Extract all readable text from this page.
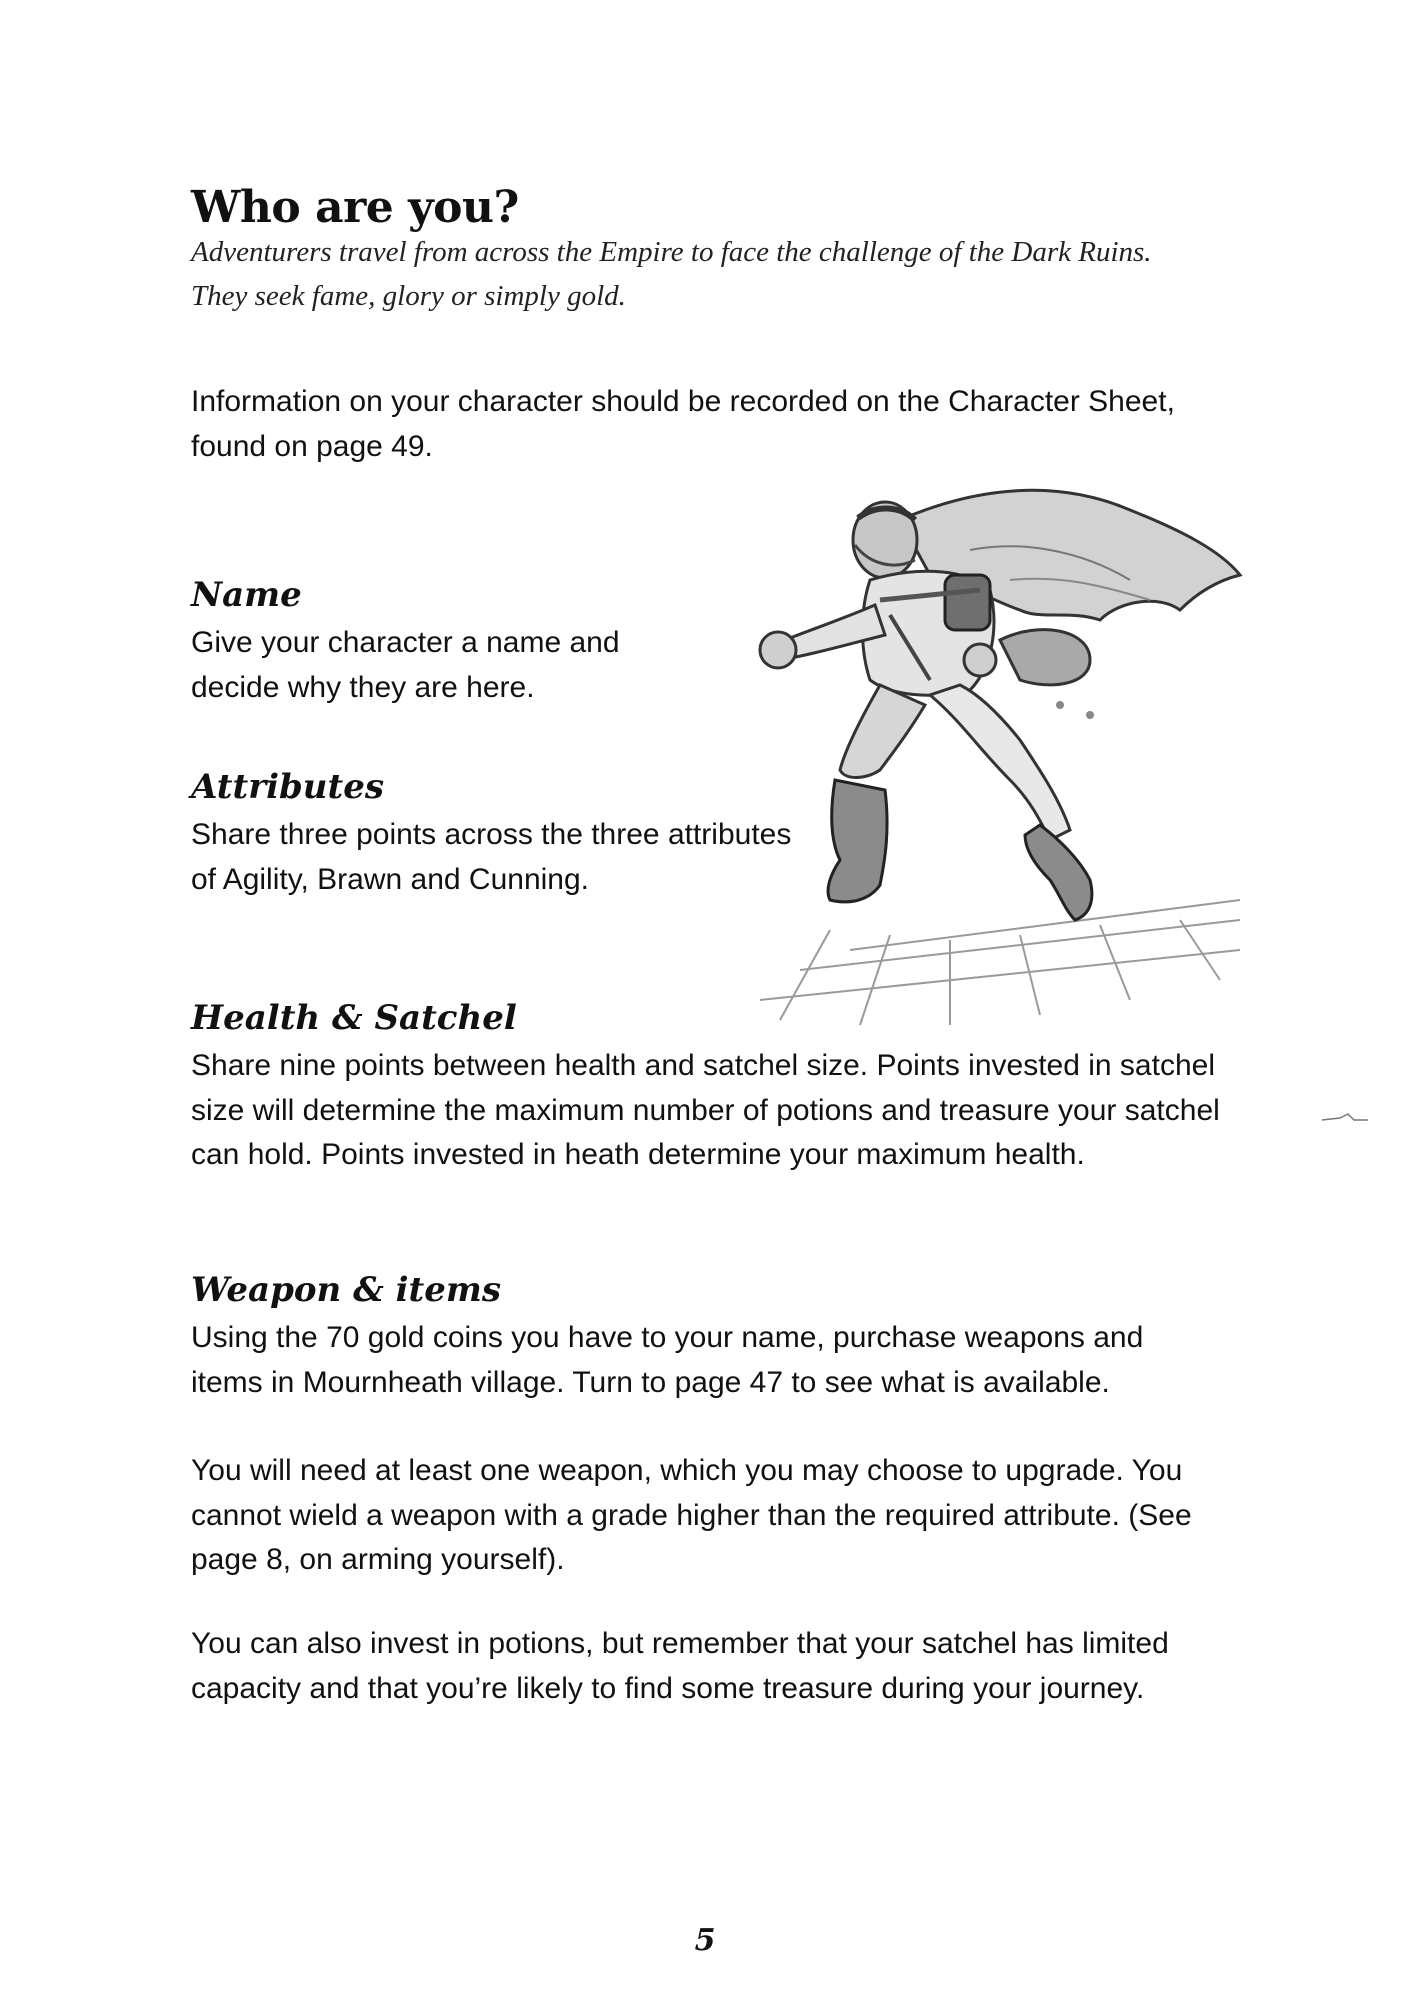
Who are you?

Adventurers travel from across the Empire to face the challenge of the Dark Ruins. They seek fame, glory or simply gold.

Information on your character should be recorded on the Character Sheet, found on page 49.

Name

Give your character a name and decide why they are here.

Attributes

Share three points across the three attributes of Agility, Brawn and Cunning.

Health & Satchel

Share nine points between health and satchel size. Points invested in satchel size will determine the maximum number of potions and treasure your satchel can hold. Points invested in heath determine your maximum health.

Weapon & items

Using the 70 gold coins you have to your name, purchase weapons and items in Mournheath village. Turn to page 47 to see what is available.

You will need at least one weapon, which you may choose to upgrade. You cannot wield a weapon with a grade higher than the required attribute. (See page 8, on arming yourself).

You can also invest in potions, but remember that your satchel has limited capacity and that you’re likely to find some treasure during your journey.

5
